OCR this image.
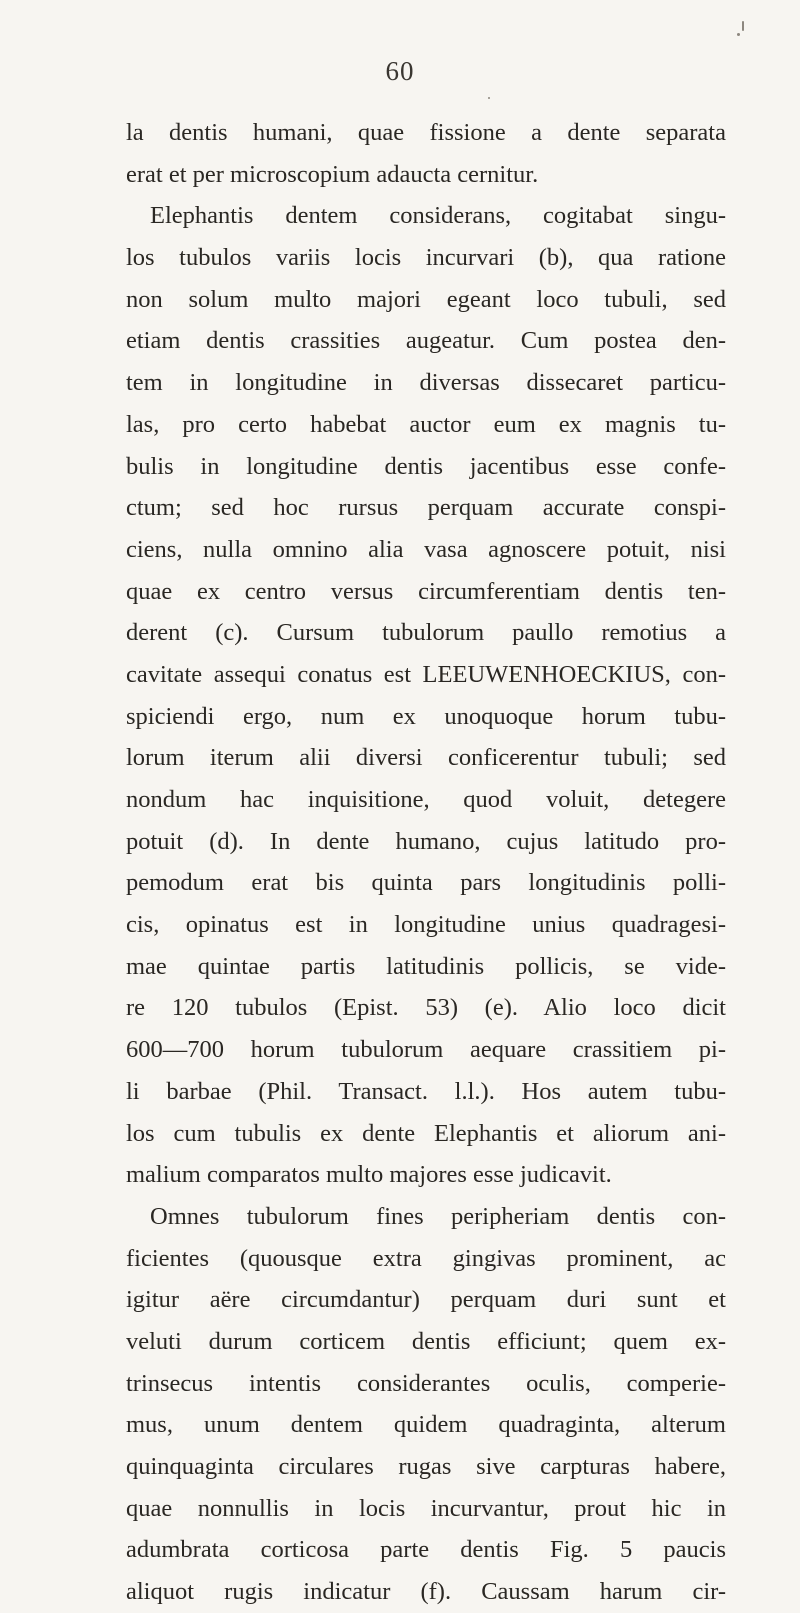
60
la dentis humani, quae fissione a dente separata
erat et per microscopium adaucta cernitur.
Elephantis dentem considerans, cogitabat singu-
los tubulos variis locis incurvari (b), qua ratione
non solum multo majori egeant loco tubuli, sed
etiam dentis crassities augeatur. Cum postea den-
tem in longitudine in diversas dissecaret particu-
las, pro certo habebat auctor eum ex magnis tu-
bulis in longitudine dentis jacentibus esse confe-
ctum; sed hoc rursus perquam accurate conspi-
ciens, nulla omnino alia vasa agnoscere potuit, nisi
quae ex centro versus circumferentiam dentis ten-
derent (c). Cursum tubulorum paullo remotius a
cavitate assequi conatus est LEEUWENHOECKIUS, con-
spiciendi ergo, num ex unoquoque horum tubu-
lorum iterum alii diversi conficerentur tubuli; sed
nondum hac inquisitione, quod voluit, detegere
potuit (d). In dente humano, cujus latitudo pro-
pemodum erat bis quinta pars longitudinis polli-
cis, opinatus est in longitudine unius quadragesi-
mae quintae partis latitudinis pollicis, se vide-
re 120 tubulos (Epist. 53) (e). Alio loco dicit
600—700 horum tubulorum aequare crassitiem pi-
li barbae (Phil. Transact. l.l.). Hos autem tubu-
los cum tubulis ex dente Elephantis et aliorum ani-
malium comparatos multo majores esse judicavit.
Omnes tubulorum fines peripheriam dentis con-
ficientes (quousque extra gingivas prominent, ac
igitur aëre circumdantur) perquam duri sunt et
veluti durum corticem dentis efficiunt; quem ex-
trinsecus intentis considerantes oculis, comperie-
mus, unum dentem quidem quadraginta, alterum
quinquaginta circulares rugas sive carpturas habere,
quae nonnullis in locis incurvantur, prout hic in
adumbrata corticosa parte dentis Fig. 5 paucis
aliquot rugis indicatur (f). Caussam harum cir-
